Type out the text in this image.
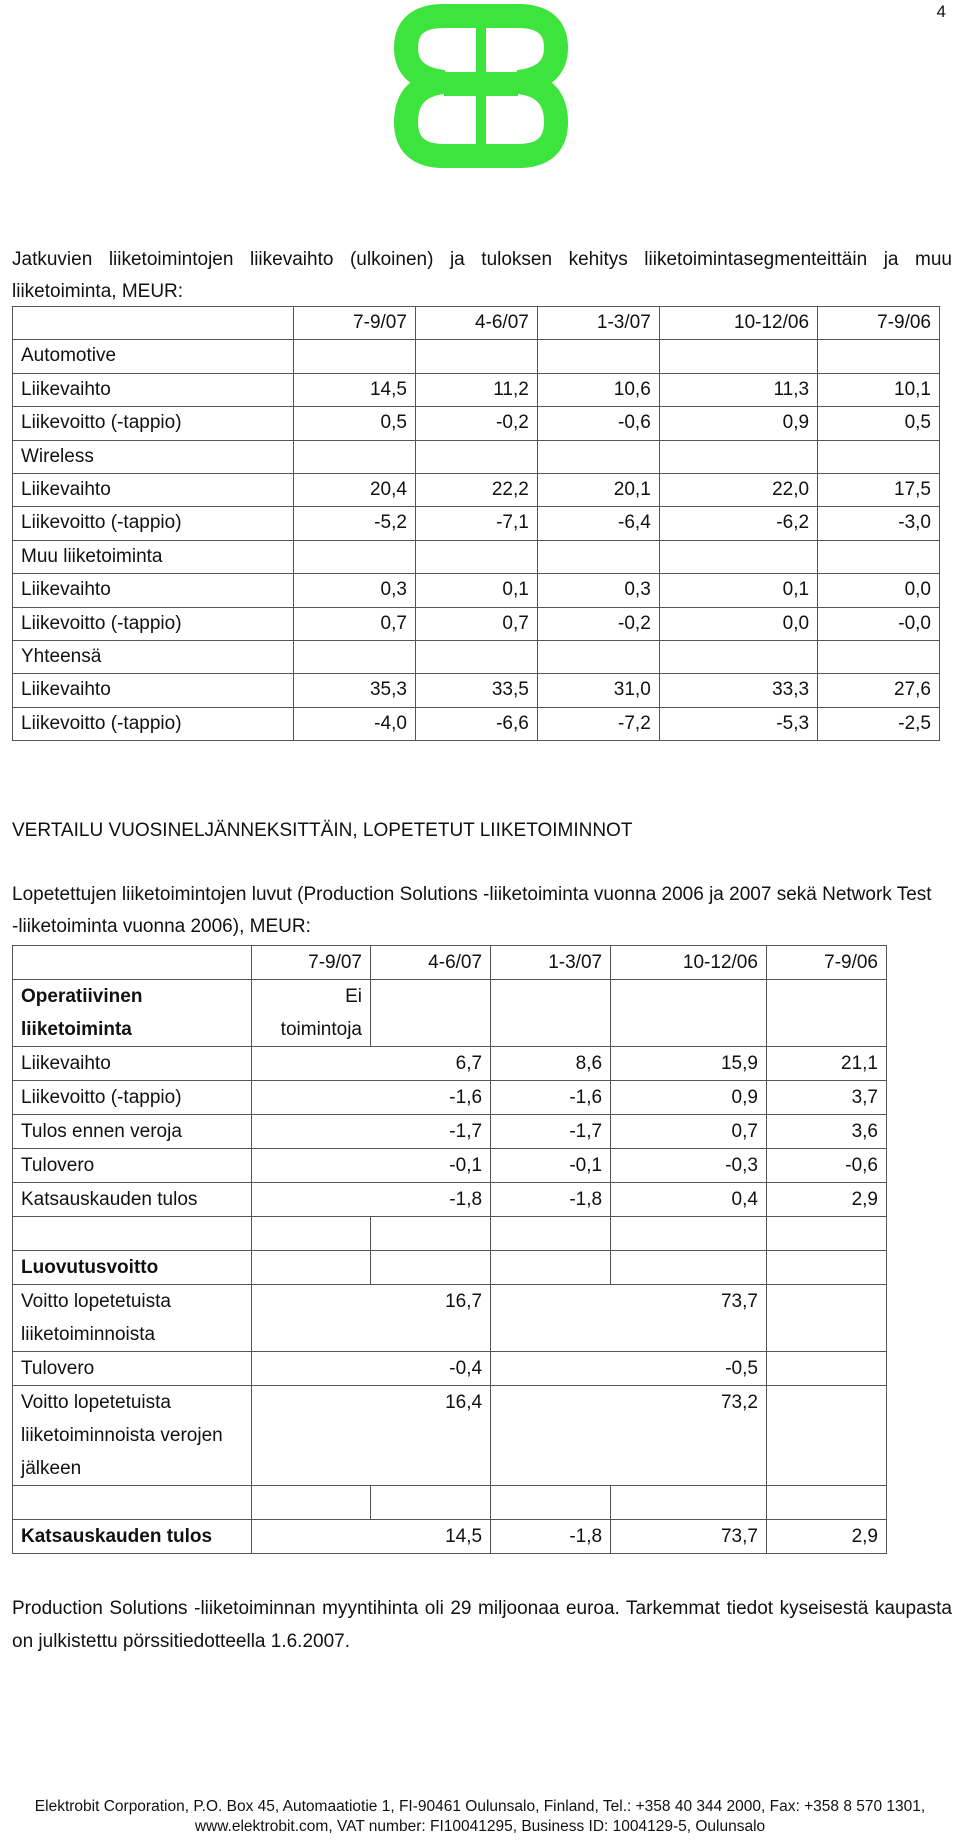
4
Jatkuvien liiketoimintojen liikevaihto (ulkoinen) ja tuloksen kehitys liiketoimintasegmenteittäin ja muu liiketoiminta, MEUR:
	7-9/07	4-6/07	1-3/07	10-12/06	7-9/06
Automotive					
Liikevaihto	14,5	11,2	10,6	11,3	10,1
Liikevoitto (-tappio)	0,5	-0,2	-0,6	0,9	0,5
Wireless					
Liikevaihto	20,4	22,2	20,1	22,0	17,5
Liikevoitto (-tappio)	-5,2	-7,1	-6,4	-6,2	-3,0
Muu liiketoiminta					
Liikevaihto	0,3	0,1	0,3	0,1	0,0
Liikevoitto (-tappio)	0,7	0,7	-0,2	0,0	-0,0
Yhteensä					
Liikevaihto	35,3	33,5	31,0	33,3	27,6
Liikevoitto (-tappio)	-4,0	-6,6	-7,2	-5,3	-2,5
VERTAILU VUOSINELJÄNNEKSITTÄIN, LOPETETUT LIIKETOIMINNOT
Lopetettujen liiketoimintojen luvut (Production Solutions -liiketoiminta vuonna 2006 ja 2007 sekä Network Test -liiketoiminta vuonna 2006), MEUR:
	7-9/07	4-6/07	1-3/07	10-12/06	7-9/06
Operatiivinen liiketoiminta	Ei toimintoja				
Liikevaihto		6,7	8,6	15,9	21,1
Liikevoitto (-tappio)		-1,6	-1,6	0,9	3,7
Tulos ennen veroja		-1,7	-1,7	0,7	3,6
Tulovero		-0,1	-0,1	-0,3	-0,6
Katsauskauden tulos		-1,8	-1,8	0,4	2,9

Luovutusvoitto					
Voitto lopetetuista liiketoiminnoista		16,7		73,7	
Tulovero		-0,4		-0,5	
Voitto lopetetuista liiketoiminnoista verojen jälkeen		16,4		73,2	

Katsauskauden tulos		14,5	-1,8	73,7	2,9
Production Solutions -liiketoiminnan myyntihinta oli 29 miljoonaa euroa. Tarkemmat tiedot kyseisestä kaupasta on julkistettu pörssitiedotteella 1.6.2007.
Elektrobit Corporation, P.O. Box 45, Automaatiotie 1, FI-90461 Oulunsalo, Finland, Tel.: +358 40 344 2000, Fax: +358 8 570 1301,
www.elektrobit.com, VAT number: FI10041295, Business ID: 1004129-5, Oulunsalo
